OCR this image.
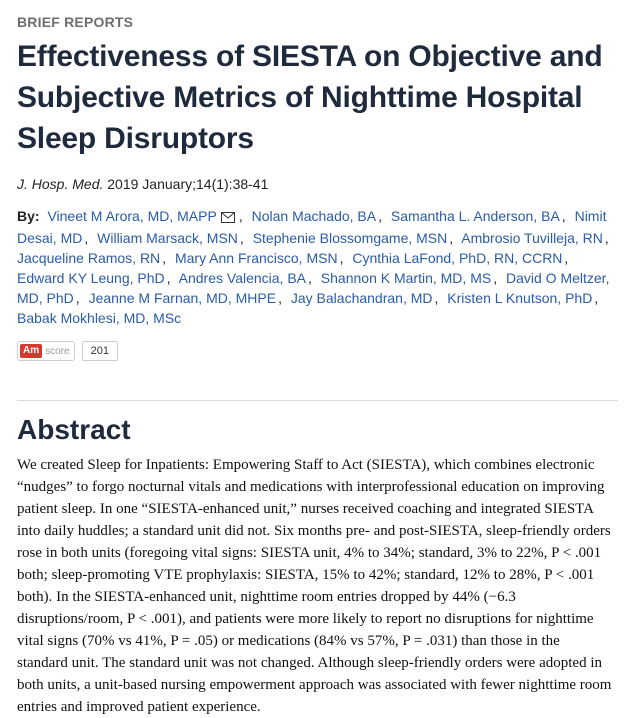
BRIEF REPORTS
Effectiveness of SIESTA on Objective and Subjective Metrics of Nighttime Hospital Sleep Disruptors
J. Hosp. Med. 2019 January;14(1):38-41
By: Vineet M Arora, MD, MAPP , Nolan Machado, BA , Samantha L. Anderson, BA , Nimit Desai, MD , William Marsack, MSN , Stephenie Blossomgame, MSN , Ambrosio Tuvilleja, RN , Jacqueline Ramos, RN , Mary Ann Francisco, MSN , Cynthia LaFond, PhD, RN, CCRN , Edward KY Leung, PhD , Andres Valencia, BA , Shannon K Martin, MD, MS , David O Meltzer, MD, PhD , Jeanne M Farnan, MD, MHPE , Jay Balachandran, MD , Kristen L Knutson, PhD , Babak Mokhlesi, MD, MSc
Am score	201
Abstract

We created Sleep for Inpatients: Empowering Staff to Act (SIESTA), which combines electronic “nudges” to forgo nocturnal vitals and medications with interprofessional education on improving patient sleep. In one “SIESTA-enhanced unit,” nurses received coaching and integrated SIESTA into daily huddles; a standard unit did not. Six months pre- and post-SIESTA, sleep-friendly orders rose in both units (foregoing vital signs: SIESTA unit, 4% to 34%; standard, 3% to 22%, P < .001 both; sleep-promoting VTE prophylaxis: SIESTA, 15% to 42%; standard, 12% to 28%, P < .001 both). In the SIESTA-enhanced unit, nighttime room entries dropped by 44% (−6.3 disruptions/room, P < .001), and patients were more likely to report no disruptions for nighttime vital signs (70% vs 41%, P = .05) or medications (84% vs 57%, P = .031) than those in the standard unit. The standard unit was not changed. Although sleep-friendly orders were adopted in both units, a unit-based nursing empowerment approach was associated with fewer nighttime room entries and improved patient experience.
